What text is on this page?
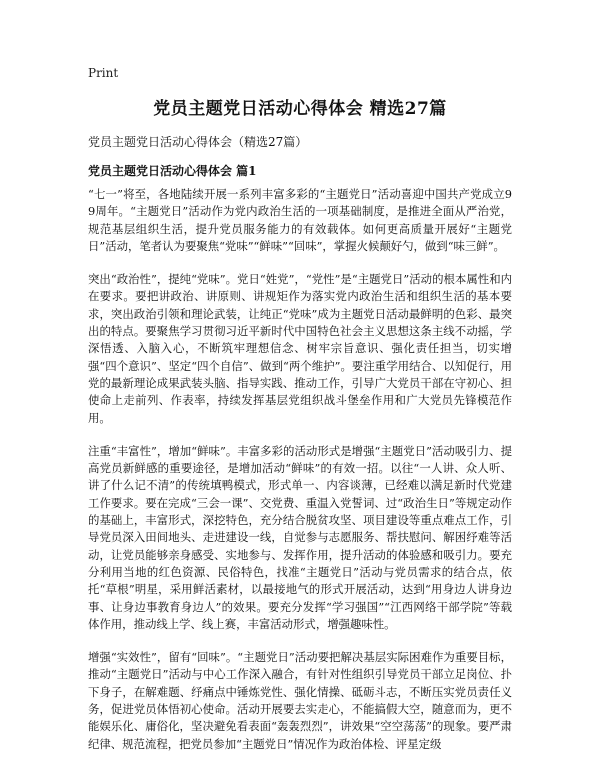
Print
党员主题党日活动心得体会 精选27篇
党员主题党日活动心得体会（精选27篇）
党员主题党日活动心得体会 篇1

“七一”将至，各地陆续开展一系列丰富多彩的“主题党日”活动喜迎中国共产党成立99周年。“主题党日”活动作为党内政治生活的一项基础制度，是推进全面从严治党，规范基层组织生活，提升党员服务能力的有效载体。如何更高质量开展好“主题党日”活动，笔者认为要聚焦“党味”“鲜味”“回味”，掌握火候颠好勺，做到“味三鲜”。

突出“政治性”，提纯“党味”。党日“姓党”，“党性”是“主题党日”活动的根本属性和内在要求。要把讲政治、讲原则、讲规矩作为落实党内政治生活和组织生活的基本要求，突出政治引领和理论武装，让纯正“党味”成为主题党日活动最鲜明的色彩、最突出的特点。要聚焦学习贯彻习近平新时代中国特色社会主义思想这条主线不动摇，学深悟透、入脑入心，不断筑牢理想信念、树牢宗旨意识、强化责任担当，切实增强“四个意识”、坚定“四个自信”、做到“两个维护”。要注重学用结合、以知促行，用党的最新理论成果武装头脑、指导实践、推动工作，引导广大党员干部在守初心、担使命上走前列、作表率，持续发挥基层党组织战斗堡垒作用和广大党员先锋模范作用。

注重“丰富性”，增加“鲜味”。丰富多彩的活动形式是增强“主题党日”活动吸引力、提高党员新鲜感的重要途径，是增加活动“鲜味”的有效一招。以往“一人讲、众人听、讲了什么记不清”的传统填鸭模式，形式单一、内容谈薄，已经难以满足新时代党建工作要求。要在完成“三会一课”、交党费、重温入党誓词、过“政治生日”等规定动作的基础上，丰富形式，深挖特色，充分结合脱贫攻坚、项目建设等重点难点工作，引导党员深入田间地头、走进建设一线，自觉参与志愿服务、帮扶慰问、解困纾难等活动，让党员能够亲身感受、实地参与、发挥作用，提升活动的体验感和吸引力。要充分利用当地的红色资源、民俗特色，找准“主题党日”活动与党员需求的结合点，依托“草根”明星，采用鲜活素材，以最接地气的形式开展活动，达到“用身边人讲身边事、让身边事教育身边人”的效果。要充分发挥“学习强国”“江西网络干部学院”等载体作用，推动线上学、线上赛，丰富活动形式，增强趣味性。

增强“实效性”，留有“回味”。“主题党日”活动要把解决基层实际困难作为重要目标，推动“主题党日”活动与中心工作深入融合，有针对性组织引导党员干部立足岗位、扑下身子，在解难题、纾痛点中锤炼党性、强化情操、砥砺斗志，不断压实党员责任义务，促进党员体悟初心使命。活动开展要去实走心，不能搞假大空，随意而为，更不能娱乐化、庸俗化，坚决避免看表面“轰轰烈烈”，讲效果“空空荡荡”的现象。要严肃纪律、规范流程，把党员参加“主题党日”情况作为政治体检、评星定级
